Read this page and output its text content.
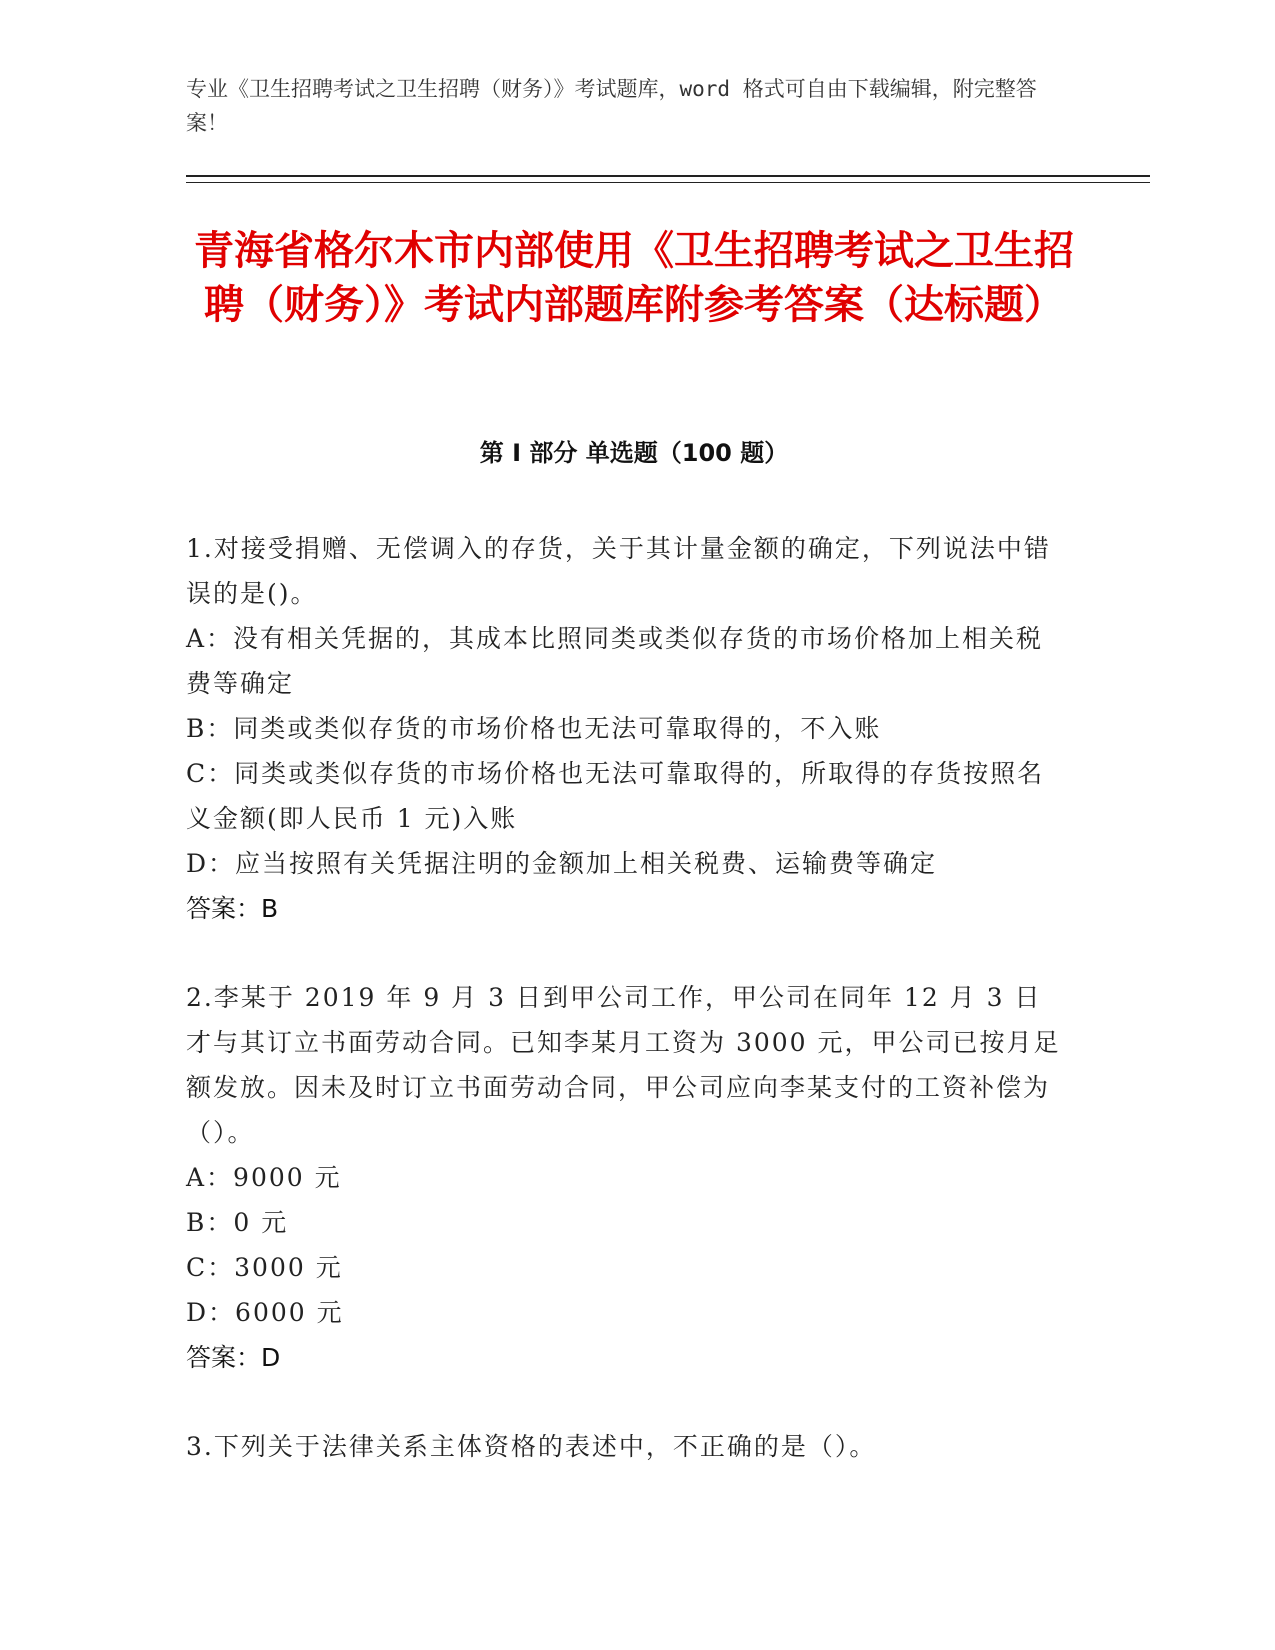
专业《卫生招聘考试之卫生招聘（财务）》考试题库，word 格式可自由下载编辑，附完整答案！
青海省格尔木市内部使用《卫生招聘考试之卫生招聘（财务）》考试内部题库附参考答案（达标题）
第 I 部分 单选题（100 题）

1.对接受捐赠、无偿调入的存货，关于其计量金额的确定，下列说法中错误的是()。

A：没有相关凭据的，其成本比照同类或类似存货的市场价格加上相关税费等确定

B：同类或类似存货的市场价格也无法可靠取得的，不入账

C：同类或类似存货的市场价格也无法可靠取得的，所取得的存货按照名义金额(即人民币 1 元)入账

D：应当按照有关凭据注明的金额加上相关税费、运输费等确定

答案：B

2.李某于 2019 年 9 月 3 日到甲公司工作，甲公司在同年 12 月 3 日才与其订立书面劳动合同。已知李某月工资为 3000 元，甲公司已按月足额发放。因未及时订立书面劳动合同，甲公司应向李某支付的工资补偿为（）。

A：9000 元

B：0 元

C：3000 元

D：6000 元

答案：D

3.下列关于法律关系主体资格的表述中，不正确的是（）。
